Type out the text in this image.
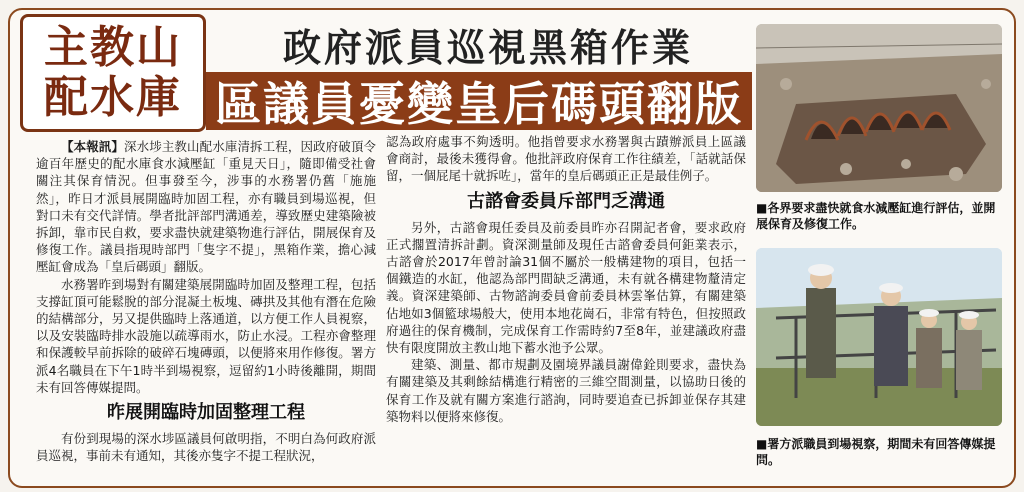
主教山
配水庫
政府派員巡視黑箱作業
區議員憂變皇后碼頭翻版

【本報訊】深水埗主教山配水庫清拆工程，因政府破頂令逾百年歷史的配水庫食水減壓缸「重見天日」，隨即備受社會關注其保育情況。但事發至今，涉事的水務署仍舊「施施然」，昨日才派員展開臨時加固工程，亦有職員到場巡視，但對口未有交代詳情。學者批評部門溝通差，導致歷史建築險被拆卸，靠市民自救，要求盡快就建築物進行評估，開展保育及修復工作。議員指現時部門「隻字不提」，黑箱作業，擔心減壓缸會成為「皇后碼頭」翻版。

水務署昨到場對有關建築展開臨時加固及整理工程，包括支撐缸頂可能鬆脫的部分混凝土板塊、磚拱及其他有潛在危險的結構部分，另又提供臨時上落通道，以方便工作人員視察，以及安裝臨時排水設施以疏導雨水，防止水浸。工程亦會整理和保護較早前拆除的破碎石塊磚頭，以便將來用作修復。署方派4名職員在下午1時半到場視察，逗留約1小時後離開，期間未有回答傳媒提問。

昨展開臨時加固整理工程

有份到現場的深水埗區議員何啟明指，不明白為何政府派員巡視，事前未有通知，其後亦隻字不提工程狀況，

認為政府處事不夠透明。他指曾要求水務署與古蹟辦派員上區議會商討，最後未獲得會。他批評政府保育工作往績差，「話就話保留，一個屁尾十就拆咗」，當年的皇后碼頭正正是最佳例子。

古諮會委員斥部門乏溝通

另外，古諮會現任委員及前委員昨亦召開記者會，要求政府正式擱置清拆計劃。資深測量師及現任古諮會委員何鉅業表示，古諮會於2017年曾討論31個不屬於一般構建物的項目，包括一個鐵造的水缸，他認為部門間缺乏溝通，未有就各構建物釐清定義。資深建築師、古物諮詢委員會前委員林雲峯估算，有關建築佔地如3個籃球場般大，使用本地花崗石，非常有特色，但按照政府過往的保育機制，完成保育工作需時約7至8年，並建議政府盡快有限度開放主教山地下蓄水池予公眾。

建築、測量、都市規劃及園境界議員謝偉銓則要求，盡快為有關建築及其剩餘結構進行精密的三維空間測量，以協助日後的保育工作及就有關方案進行諮詢，同時要追查已拆卸並保存其建築物料以便將來修復。

■各界要求盡快就食水減壓缸進行評估，並開展保育及修復工作。
■署方派職員到場視察，期間未有回答傳媒提問。
